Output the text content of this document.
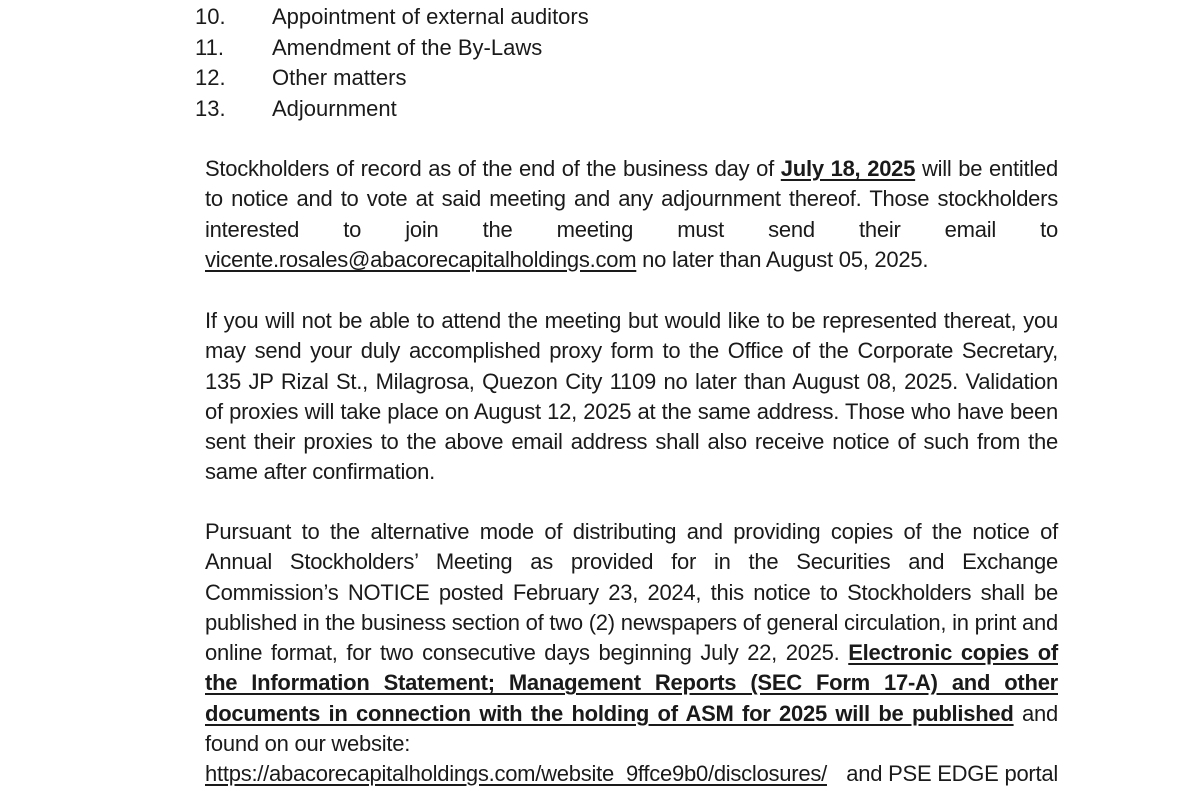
10.	Appointment of external auditors
11.	Amendment of the By-Laws
12.	Other matters
13.	Adjournment

Stockholders of record as of the end of the business day of July 18, 2025 will be entitled to notice and to vote at said meeting and any adjournment thereof. Those stockholders interested to join the meeting must send their email to vicente.rosales@abacorecapitalholdings.com no later than August 05, 2025.

If you will not be able to attend the meeting but would like to be represented thereat, you may send your duly accomplished proxy form to the Office of the Corporate Secretary, 135 JP Rizal St., Milagrosa, Quezon City 1109 no later than August 08, 2025. Validation of proxies will take place on August 12, 2025 at the same address. Those who have been sent their proxies to the above email address shall also receive notice of such from the same after confirmation.

Pursuant to the alternative mode of distributing and providing copies of the notice of Annual Stockholders’ Meeting as provided for in the Securities and Exchange Commission’s NOTICE posted February 23, 2024, this notice to Stockholders shall be published in the business section of two (2) newspapers of general circulation, in print and online format, for two consecutive days beginning July 22, 2025. Electronic copies of the Information Statement; Management Reports (SEC Form 17-A) and other documents in connection with the holding of ASM for 2025 will be published and found on our website:
https://abacorecapitalholdings.com/website_9ffce9b0/disclosures/ and PSE EDGE portal
